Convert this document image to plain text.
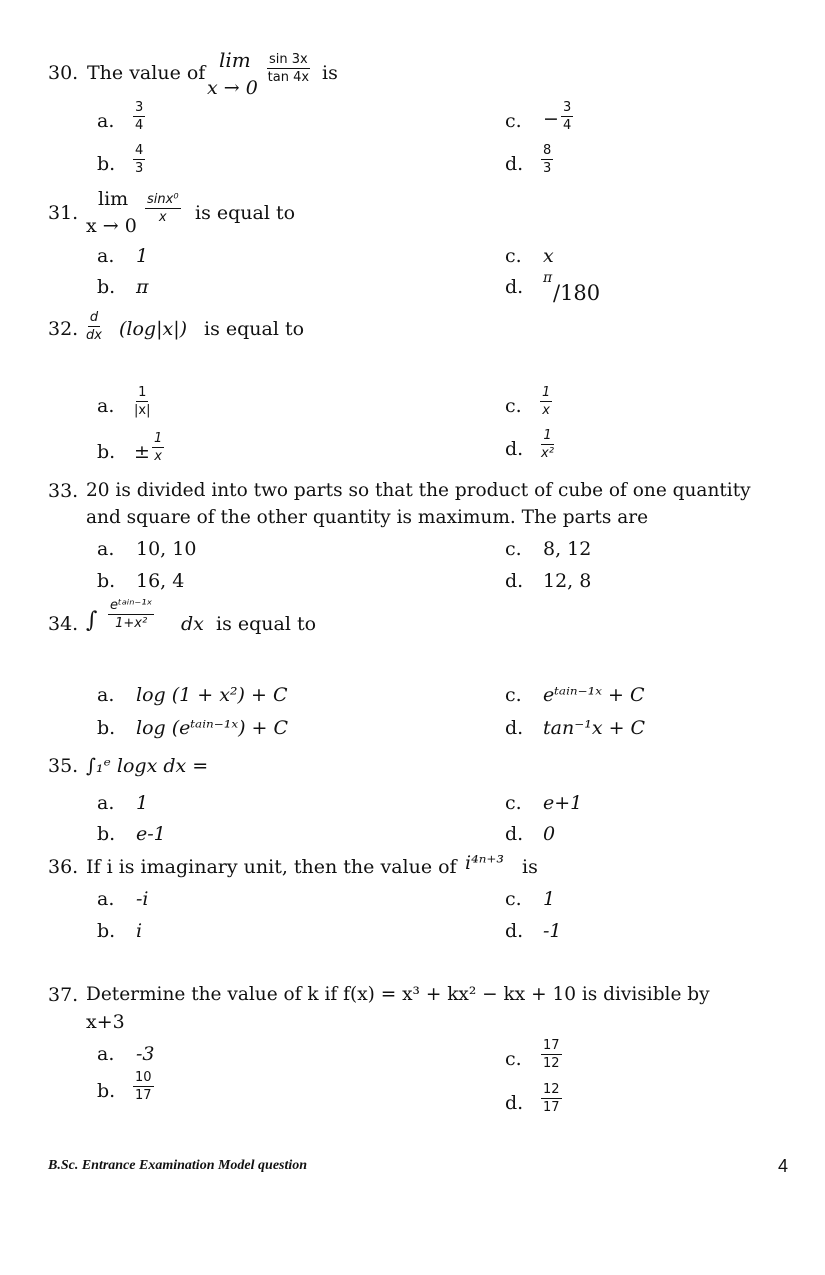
30. The value of
lim
x → 0
$\frac{\sin 3x}{\tan 4x}$ is
a. $\frac{3}{4}$	c. − $\frac{3}{4}$
b. $\frac{4}{3}$	d. $\frac{8}{3}$
31.
lim
x → 0
$\frac{\text{sinx⁰}}{x}$ is equal to
a. 1	c. x
b. π	d. π
/180
32. $\frac{d}{dx} (\log|x|)$ is equal to
a. $\frac{1}{|x|}$	c. $\frac{1}{x}$
b. ± $\frac{1}{x}$	d. $\frac{1}{\text{x²}}$
33. 20 is divided into two parts so that the product of cube of one quantity
and square of the other quantity is maximum. The parts are
a. 10, 10	c. 8, 12
b. 16, 4	d. 12, 8
34. ∫
eᵗᵃⁱⁿ⁻¹ˣ
1+x² dx is equal to
a. log (1 + x²) + C	c. eᵗᵃⁱⁿ⁻¹ˣ + C
b. log (eᵗᵃⁱⁿ⁻¹ˣ) + C	d. tan⁻¹x + C
35. ∫₁ᵉ logx dx =
a. 1	c. e+1
b. e-1	d. 0
36. If i is imaginary unit, then the value of i⁴ⁿ⁺³ is
a. -i	c. 1
b. i	d. -1
37. Determine the value of k if f(x) = x³ + kx² − kx + 10 is divisible by
x+3
a. -3	c. $\frac{17}{12}$
b. $\frac{10}{17}$	d. $\frac{12}{17}$
B.Sc. Entrance Examination Model question	4
